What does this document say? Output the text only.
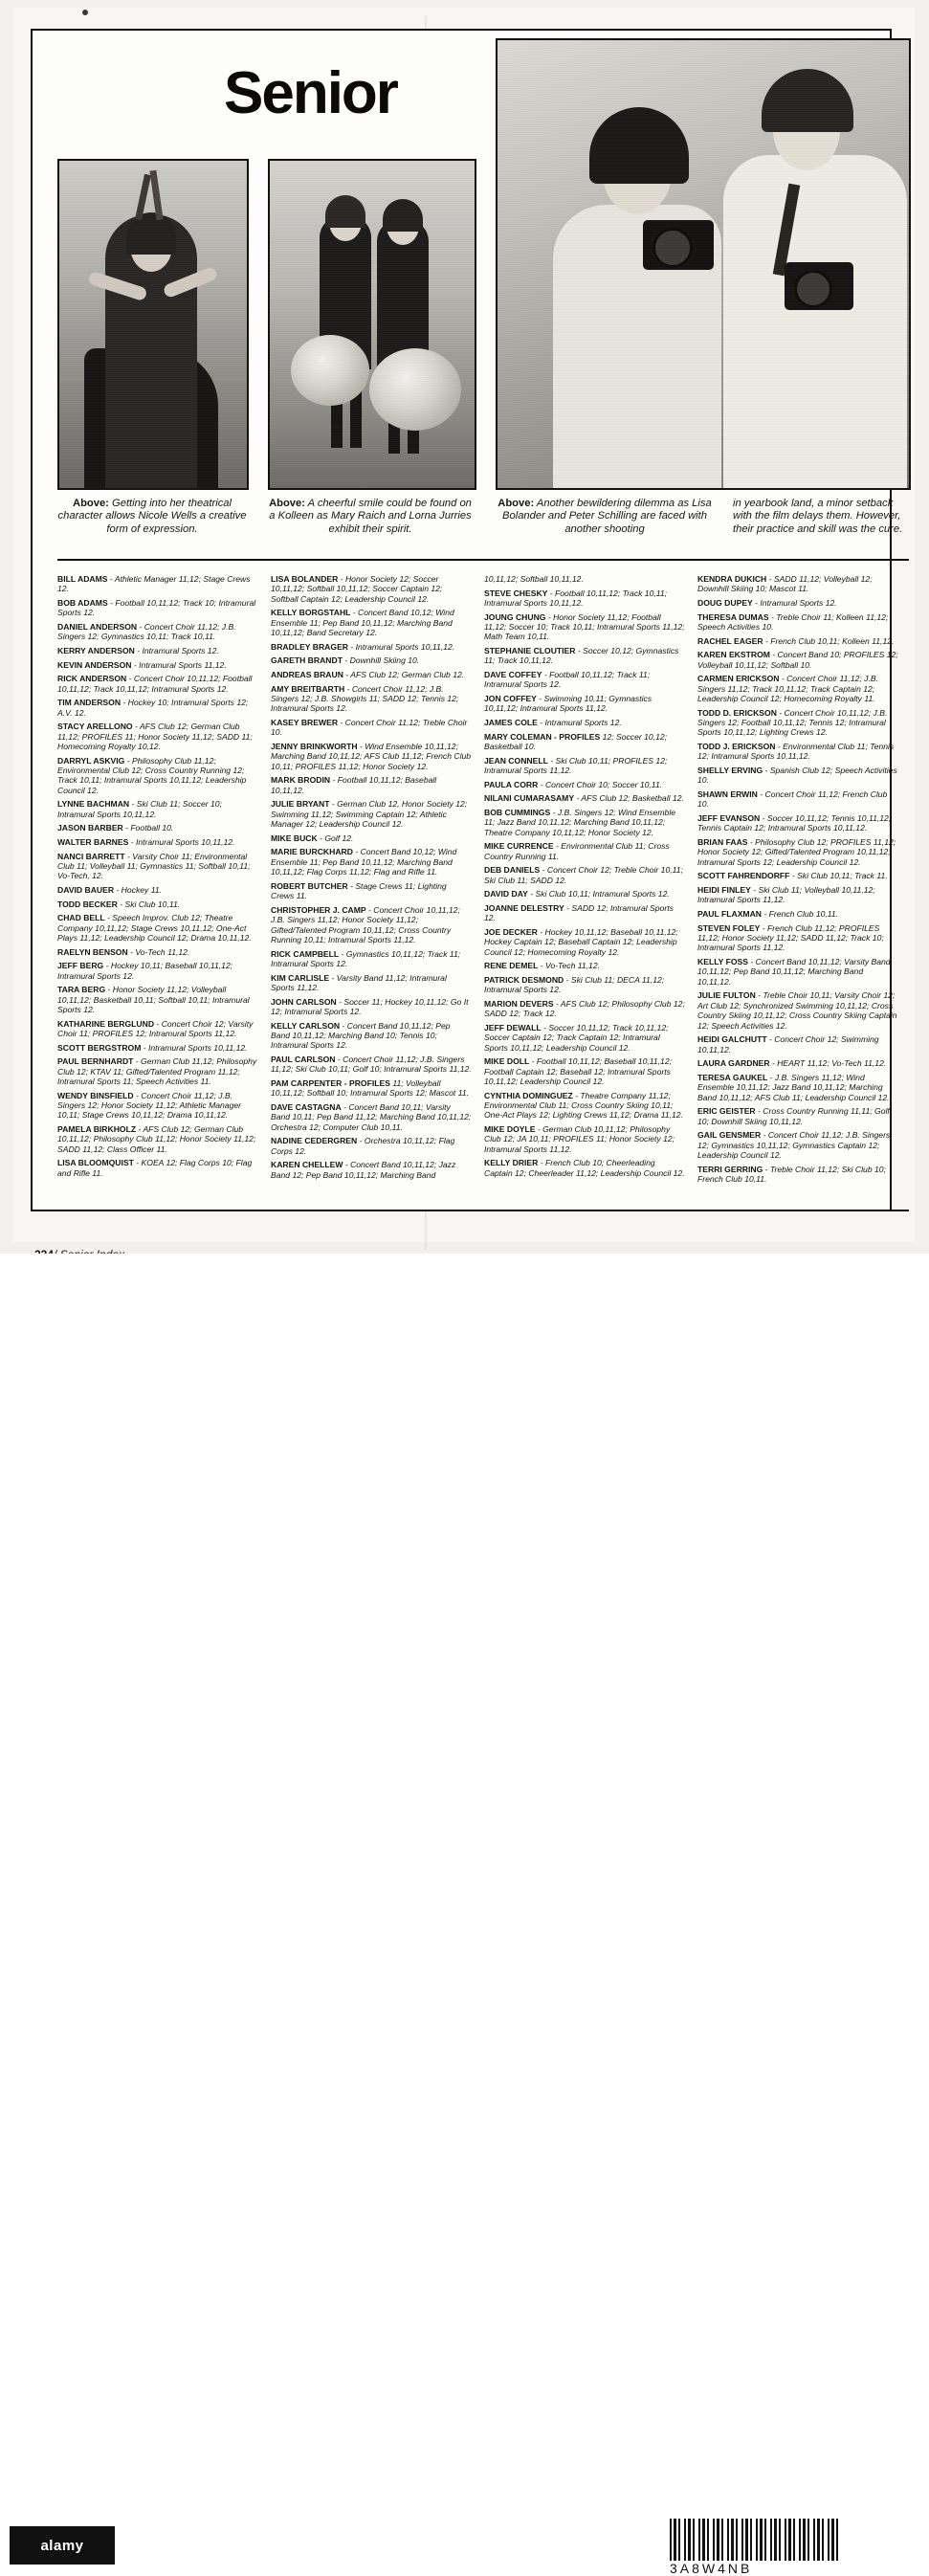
Senior
Above: Getting into her theatrical character allows Nicole Wells a creative form of expression.
Above: A cheerful smile could be found on a Kolleen as Mary Raich and Lorna Jurries exhibit their spirit.
Above: Another bewildering dilemma as Lisa Bolander and Peter Schilling are faced with another shooting
in yearbook land, a minor setback with the film delays them. However, their practice and skill was the cure.

BILL ADAMS - Athletic Manager 11,12; Stage Crews 12.

BOB ADAMS - Football 10,11,12; Track 10; Intramural Sports 12.

DANIEL ANDERSON - Concert Choir 11,12; J.B. Singers 12; Gymnastics 10,11; Track 10,11.

KERRY ANDERSON - Intramural Sports 12.

KEVIN ANDERSON - Intramural Sports 11,12.

RICK ANDERSON - Concert Choir 10,11,12; Football 10,11,12; Track 10,11,12; Intramural Sports 12.

TIM ANDERSON - Hockey 10; Intramural Sports 12; A.V. 12.

STACY ARELLONO - AFS Club 12; German Club 11,12; PROFILES 11; Honor Society 11,12; SADD 11; Homecoming Royalty 10,12.

DARRYL ASKVIG - Philosophy Club 11,12; Environmental Club 12; Cross Country Running 12; Track 10,11; Intramural Sports 10,11,12; Leadership Council 12.

LYNNE BACHMAN - Ski Club 11; Soccer 10; Intramural Sports 10,11,12.

JASON BARBER - Football 10.

WALTER BARNES - Intramural Sports 10,11,12.

NANCI BARRETT - Varsity Choir 11; Environmental Club 11; Volleyball 11; Gymnastics 11; Softball 10,11; Vo-Tech, 12.

DAVID BAUER - Hockey 11.

TODD BECKER - Ski Club 10,11.

CHAD BELL - Speech Improv. Club 12; Theatre Company 10,11,12; Stage Crews 10,11,12; One-Act Plays 11,12; Leadership Council 12; Drama 10,11,12.

RAELYN BENSON - Vo-Tech 11,12.

JEFF BERG - Hockey 10,11; Baseball 10,11,12; Intramural Sports 12.

TARA BERG - Honor Society 11,12; Volleyball 10,11,12; Basketball 10,11; Softball 10,11; Intramural Sports 12.

KATHARINE BERGLUND - Concert Choir 12; Varsity Choir 11; PROFILES 12; Intramural Sports 11,12.

SCOTT BERGSTROM - Intramural Sports 10,11,12.

PAUL BERNHARDT - German Club 11,12; Philosophy Club 12; KTAV 11; Gifted/Talented Program 11,12; Intramural Sports 11; Speech Activities 11.

WENDY BINSFIELD - Concert Choir 11,12; J.B. Singers 12; Honor Society 11,12; Athletic Manager 10,11; Stage Crews 10,11,12; Drama 10,11,12.

PAMELA BIRKHOLZ - AFS Club 12; German Club 10,11,12; Philosophy Club 11,12; Honor Society 11,12; SADD 11,12; Class Officer 11.

LISA BLOOMQUIST - KOEA 12; Flag Corps 10; Flag and Rifle 11.

LISA BOLANDER - Honor Society 12; Soccer 10,11,12; Softball 10,11,12; Soccer Captain 12; Softball Captain 12; Leadership Council 12.

KELLY BORGSTAHL - Concert Band 10,12; Wind Ensemble 11; Pep Band 10,11,12; Marching Band 10,11,12; Band Secretary 12.

BRADLEY BRAGER - Intramural Sports 10,11,12.

GARETH BRANDT - Downhill Skiing 10.

ANDREAS BRAUN - AFS Club 12; German Club 12.

AMY BREITBARTH - Concert Choir 11,12; J.B. Singers 12; J.B. Showgirls 11; SADD 12; Tennis 12; Intramural Sports 12.

KASEY BREWER - Concert Choir 11,12; Treble Choir 10.

JENNY BRINKWORTH - Wind Ensemble 10,11,12; Marching Band 10,11,12; AFS Club 11,12; French Club 10,11; PROFILES 11,12; Honor Society 12.

MARK BRODIN - Football 10,11,12; Baseball 10,11,12.

JULIE BRYANT - German Club 12, Honor Society 12; Swimming 11,12; Swimming Captain 12; Athletic Manager 12; Leadership Council 12.

MIKE BUCK - Golf 12.

MARIE BURCKHARD - Concert Band 10,12; Wind Ensemble 11; Pep Band 10,11,12; Marching Band 10,11,12; Flag Corps 11,12; Flag and Rifle 11.

ROBERT BUTCHER - Stage Crews 11; Lighting Crews 11.

CHRISTOPHER J. CAMP - Concert Choir 10,11,12; J.B. Singers 11,12; Honor Society 11,12; Gifted/Talented Program 10,11,12; Cross Country Running 10,11; Intramural Sports 11,12.

RICK CAMPBELL - Gymnastics 10,11,12; Track 11; Intramural Sports 12.

KIM CARLISLE - Varsity Band 11,12; Intramural Sports 11,12.

JOHN CARLSON - Soccer 11; Hockey 10,11,12; Go It 12; Intramural Sports 12.

KELLY CARLSON - Concert Band 10,11,12; Pep Band 10,11,12; Marching Band 10; Tennis 10; Intramural Sports 12.

PAUL CARLSON - Concert Choir 11,12; J.B. Singers 11,12; Ski Club 10,11; Golf 10; Intramural Sports 11,12.

PAM CARPENTER - PROFILES 11; Volleyball 10,11,12; Softball 10; Intramural Sports 12; Mascot 11.

DAVE CASTAGNA - Concert Band 10,11; Varsity Band 10,11; Pep Band 11,12; Marching Band 10,11,12; Orchestra 12; Computer Club 10,11.

NADINE CEDERGREN - Orchestra 10,11,12; Flag Corps 12.

KAREN CHELLEW - Concert Band 10,11,12; Jazz Band 12; Pep Band 10,11,12; Marching Band

10,11,12; Softball 10,11,12.

STEVE CHESKY - Football 10,11,12; Track 10,11; Intramural Sports 10,11,12.

JOUNG CHUNG - Honor Society 11,12; Football 11,12; Soccer 10; Track 10,11; Intramural Sports 11,12; Math Team 10,11.

STEPHANIE CLOUTIER - Soccer 10,12; Gymnastics 11; Track 10,11,12.

DAVE COFFEY - Football 10,11,12; Track 11; Intramural Sports 12.

JON COFFEY - Swimming 10,11; Gymnastics 10,11,12; Intramural Sports 11,12.

JAMES COLE - Intramural Sports 12.

MARY COLEMAN - PROFILES 12; Soccer 10,12; Basketball 10.

JEAN CONNELL - Ski Club 10,11; PROFILES 12; Intramural Sports 11,12.

PAULA CORR - Concert Choir 10; Soccer 10,11.

NILANI CUMARASAMY - AFS Club 12; Basketball 12.

BOB CUMMINGS - J.B. Singers 12; Wind Ensemble 11; Jazz Band 10,11,12; Marching Band 10,11,12; Theatre Company 10,11,12; Honor Society 12.

MIKE CURRENCE - Environmental Club 11; Cross Country Running 11.

DEB DANIELS - Concert Choir 12; Treble Choir 10,11; Ski Club 11; SADD 12.

DAVID DAY - Ski Club 10,11; Intramural Sports 12.

JOANNE DELESTRY - SADD 12; Intramural Sports 12.

JOE DECKER - Hockey 10,11,12; Baseball 10,11,12; Hockey Captain 12; Baseball Captain 12; Leadership Council 12; Homecoming Royalty 12.

RENE DEMEL - Vo-Tech 11,12.

PATRICK DESMOND - Ski Club 11; DECA 11,12; Intramural Sports 12.

MARION DEVERS - AFS Club 12; Philosophy Club 12; SADD 12; Track 12.

JEFF DEWALL - Soccer 10,11,12; Track 10,11,12; Soccer Captain 12; Track Captain 12; Intramural Sports 10,11,12; Leadership Council 12.

MIKE DOLL - Football 10,11,12; Baseball 10,11,12; Football Captain 12; Baseball 12; Intramural Sports 10,11,12; Leadership Council 12.

CYNTHIA DOMINGUEZ - Theatre Company 11,12; Environmental Club 11; Cross Country Skiing 10,11; One-Act Plays 12; Lighting Crews 11,12; Drama 11,12.

MIKE DOYLE - German Club 10,11,12; Philosophy Club 12; JA 10,11; PROFILES 11; Honor Society 12; Intramural Sports 11,12.

KELLY DRIER - French Club 10; Cheerleading Captain 12; Cheerleader 11,12; Leadership Council 12.

KENDRA DUKICH - SADD 11,12; Volleyball 12; Downhill Skiing 10; Mascot 11.

DOUG DUPEY - Intramural Sports 12.

THERESA DUMAS - Treble Choir 11; Kolleen 11,12; Speech Activities 10.

RACHEL EAGER - French Club 10,11; Kolleen 11,12.

KAREN EKSTROM - Concert Band 10; PROFILES 12; Volleyball 10,11,12; Softball 10.

CARMEN ERICKSON - Concert Choir 11,12; J.B. Singers 11,12; Track 10,11,12; Track Captain 12; Leadership Council 12; Homecoming Royalty 11.

TODD D. ERICKSON - Concert Choir 10,11,12; J.B. Singers 12; Football 10,11,12; Tennis 12; Intramural Sports 10,11,12; Lighting Crews 12.

TODD J. ERICKSON - Environmental Club 11; Tennis 12; Intramural Sports 10,11,12.

SHELLY ERVING - Spanish Club 12; Speech Activities 10.

SHAWN ERWIN - Concert Choir 11,12; French Club 10.

JEFF EVANSON - Soccer 10,11,12; Tennis 10,11,12; Tennis Captain 12; Intramural Sports 10,11,12.

BRIAN FAAS - Philosophy Club 12; PROFILES 11,12; Honor Society 12; Gifted/Talented Program 10,11,12; Intramural Sports 12; Leadership Council 12.

SCOTT FAHRENDORFF - Ski Club 10,11; Track 11.

HEIDI FINLEY - Ski Club 11; Volleyball 10,11,12; Intramural Sports 11,12.

PAUL FLAXMAN - French Club 10,11.

STEVEN FOLEY - French Club 11,12; PROFILES 11,12; Honor Society 11,12; SADD 11,12; Track 10; Intramural Sports 11,12.

KELLY FOSS - Concert Band 10,11,12; Varsity Band 10,11,12; Pep Band 10,11,12; Marching Band 10,11,12.

JULIE FULTON - Treble Choir 10,11; Varsity Choir 12; Art Club 12; Synchronized Swimming 10,11,12; Cross Country Skiing 10,11,12; Cross Country Skiing Captain 12; Speech Activities 12.

HEIDI GALCHUTT - Concert Choir 12; Swimming 10,11,12.

LAURA GARDNER - HEART 11,12; Vo-Tech 11,12.

TERESA GAUKEL - J.B. Singers 11,12; Wind Ensemble 10,11,12; Jazz Band 10,11,12; Marching Band 10,11,12; AFS Club 11; Leadership Council 12.

ERIC GEISTER - Cross Country Running 11,11; Golf 10; Downhill Skiing 10,11,12.

GAIL GENSMER - Concert Choir 11,12; J.B. Singers 12; Gymnastics 10,11,12; Gymnastics Captain 12; Leadership Council 12.

TERRI GERRING - Treble Choir 11,12; Ski Club 10; French Club 10,11.

alamy
3A8W4NB
